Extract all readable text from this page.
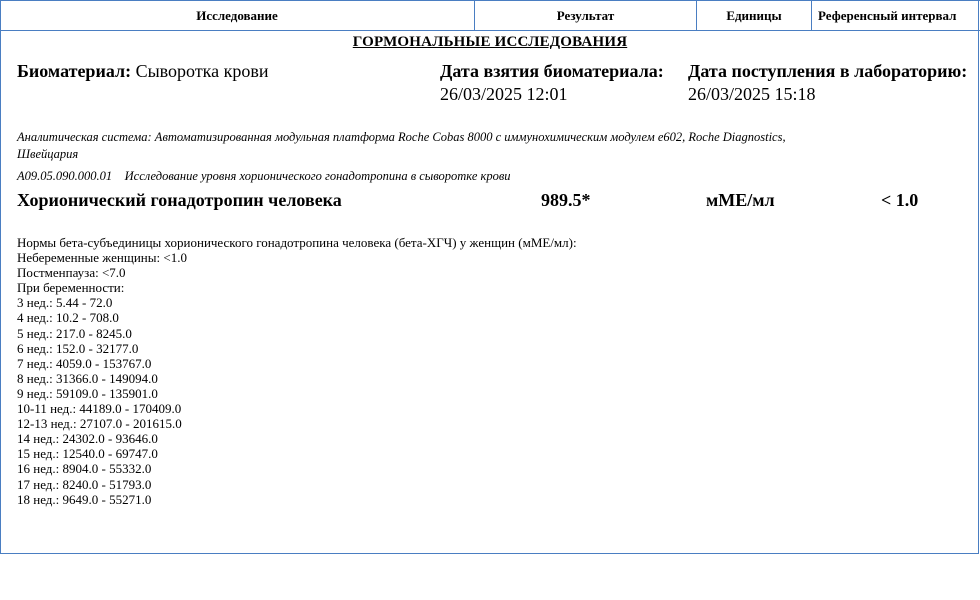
Исследование	Результат	Единицы	Референсный интервал
ГОРМОНАЛЬНЫЕ ИССЛЕДОВАНИЯ
Биоматериал: Сыворотка крови	Дата взятия биоматериала:
26/03/2025 12:01
Дата поступления в лабораторию:
26/03/2025 15:18
Аналитическая система: Автоматизированная модульная платформа Roche Cobas 8000 с иммунохимическим модулем e602, Roche Diagnostics,
Швейцария
A09.05.090.000.01 Исследование уровня хорионического гонадотропина в сыворотке крови
Хорионический гонадотропин человека	989.5*	мМЕ/мл	< 1.0
Нормы бета-субъединицы хорионического гонадотропина человека (бета-ХГЧ) у женщин (мМЕ/мл):
Небеременные женщины: <1.0
Постменпауза: <7.0
При беременности:
3 нед.: 5.44 - 72.0
4 нед.: 10.2 - 708.0
5 нед.: 217.0 - 8245.0
6 нед.: 152.0 - 32177.0
7 нед.: 4059.0 - 153767.0
8 нед.: 31366.0 - 149094.0
9 нед.: 59109.0 - 135901.0
10-11 нед.: 44189.0 - 170409.0
12-13 нед.: 27107.0 - 201615.0
14 нед.: 24302.0 - 93646.0
15 нед.: 12540.0 - 69747.0
16 нед.: 8904.0 - 55332.0
17 нед.: 8240.0 - 51793.0
18 нед.: 9649.0 - 55271.0
